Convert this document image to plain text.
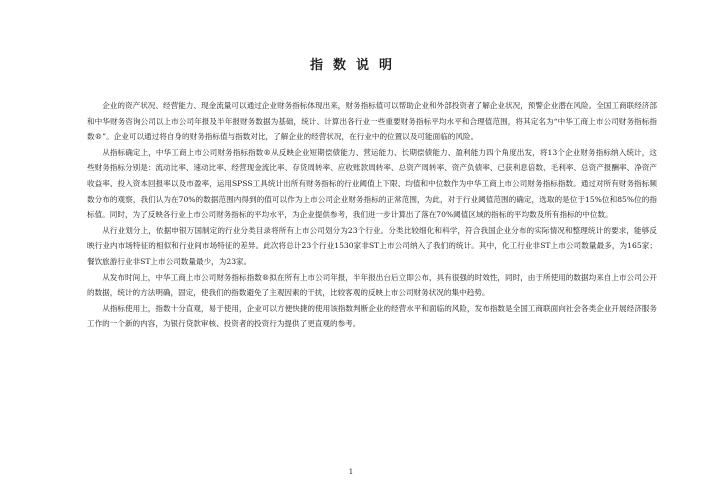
指数说明

企业的资产状况、经营能力、现金流量可以通过企业财务指标体现出来，财务指标值可以帮助企业和外部投资者了解企业状况，预警企业潜在风险。全国工商联经济部和中华财务咨询公司以上市公司年报及半年报财务数据为基础，统计、计算出各行业一些重要财务指标平均水平和合理值范围，将其定名为“中华工商上市公司财务指标指数®”。企业可以通过将自身的财务指标值与指数对比，了解企业的经营状况，在行业中的位置以及可能面临的风险。

从指标确定上，中华工商上市公司财务指标指数®从反映企业短期偿债能力、营运能力、长期偿债能力、盈利能力四个角度出发，将13个企业财务指标纳入统计，这些财务指标分别是：流动比率、速动比率、经营现金流比率、存货周转率、应收账款周转率、总资产周转率、资产负债率、已获利息倍数、毛利率、总资产报酬率、净资产收益率、投入资本回报率以及市盈率，运用SPSS工具统计出所有财务指标的行业阈值上下限、均值和中位数作为中华工商上市公司财务指标指数。通过对所有财务指标频数分布的观察，我们认为在70%的数据范围内得到的值可以作为上市公司企业财务指标的正常范围，为此，对于行业阈值范围的确定，选取的是位于15%位和85%位的指标值。同时，为了反映各行业上市公司财务指标的平均水平，为企业提供参考，我们进一步计算出了落在70%阈值区域的指标的平均数及所有指标的中位数。

从行业划分上，依据申银万国制定的行业分类目录将所有上市公司划分为23个行业。分类比较细化和科学，符合我国企业分布的实际情况和整理统计的要求，能够反映行业内市场特征的相似和行业间市场特征的差异。此次将总计23个行业1530家非ST上市公司纳入了我们的统计。其中，化工行业非ST上市公司数量最多，为165家；餐饮旅游行业非ST上市公司数量最少，为23家。

从发布时间上，中华工商上市公司财务指标指数®拟在所有上市公司年报，半年报出台后立即公布，具有很强的时效性，同时，由于所使用的数据均来自上市公司公开的数据，统计的方法明确，固定，使我们的指数避免了主观因素的干扰，比较客观的反映上市公司财务状况的集中趋势。

从指标使用上，指数十分直观，易于使用，企业可以方便快捷的使用该指数判断企业的经营水平和面临的风险，发布指数是全国工商联面向社会各类企业开展经济服务工作的一个新的内容，为银行贷款审核、投资者的投资行为提供了更直观的参考。

1
